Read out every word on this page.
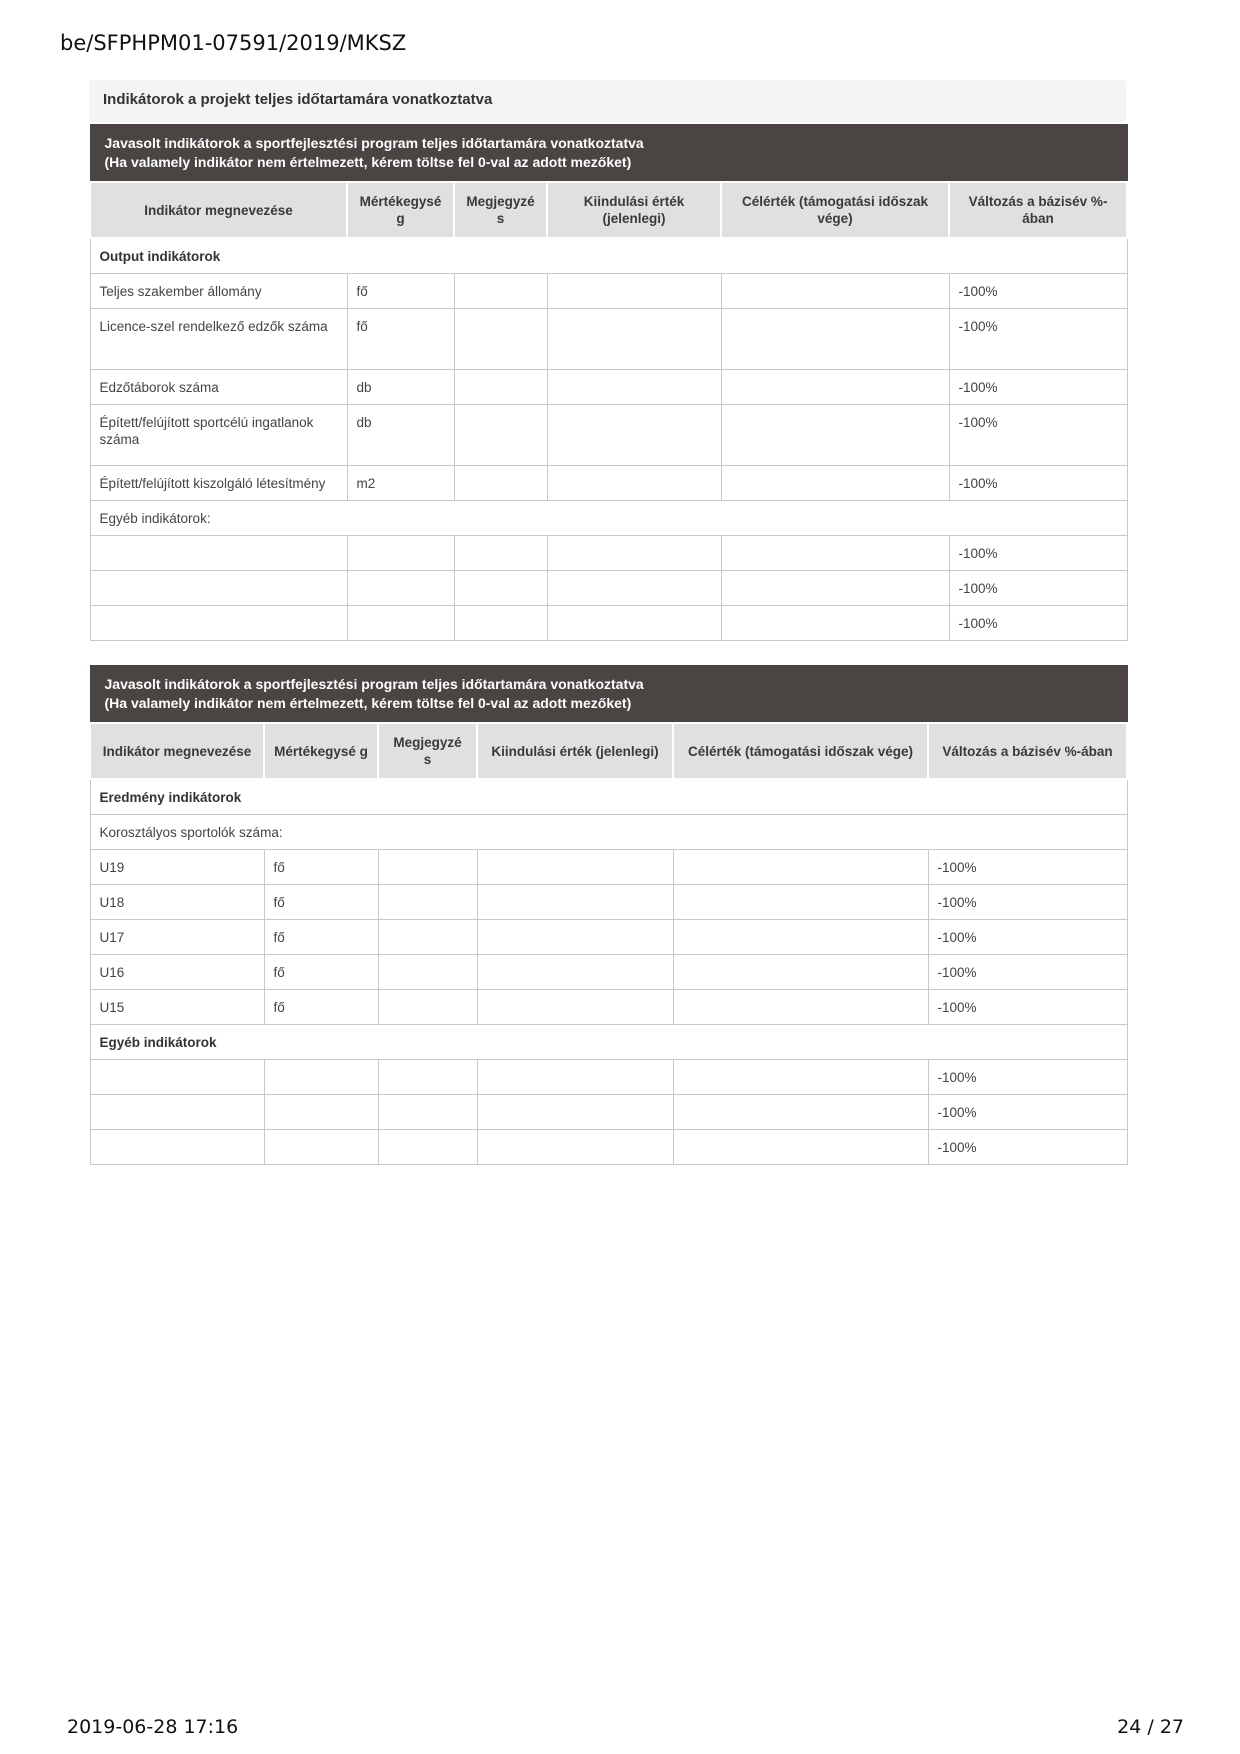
be/SFPHPM01-07591/2019/MKSZ
Indikátorok a projekt teljes időtartamára vonatkoztatva
Javasolt indikátorok a sportfejlesztési program teljes időtartamára vonatkoztatva
(Ha valamely indikátor nem értelmezett, kérem töltse fel 0-val az adott mezőket)					

Indikátor megnevezése	Mértékegysé g	Megjegyzé s	Kiindulási érték (jelenlegi)	Célérték (támogatási időszak vége)	Változás a bázisév %-ában
Output indikátorok					
Teljes szakember állomány	fő				-100%
Licence-szel rendelkező edzők száma	fő				-100%
Edzőtáborok száma	db				-100%
Épített/felújított sportcélú ingatlanok száma	db				-100%
Épített/felújított kiszolgáló létesítmény	m2				-100%
Egyéb indikátorok:					
					-100%
					-100%
					-100%
Javasolt indikátorok a sportfejlesztési program teljes időtartamára vonatkoztatva
(Ha valamely indikátor nem értelmezett, kérem töltse fel 0-val az adott mezőket)					

Indikátor megnevezése	Mértékegysé g	Megjegyzé s	Kiindulási érték (jelenlegi)	Célérték (támogatási időszak vége)	Változás a bázisév %-ában
Eredmény indikátorok					
Korosztályos sportolók száma:					
U19	fő				-100%
U18	fő				-100%
U17	fő				-100%
U16	fő				-100%
U15	fő				-100%
Egyéb indikátorok					
					-100%
					-100%
					-100%
2019-06-28 17:16	24 / 27
